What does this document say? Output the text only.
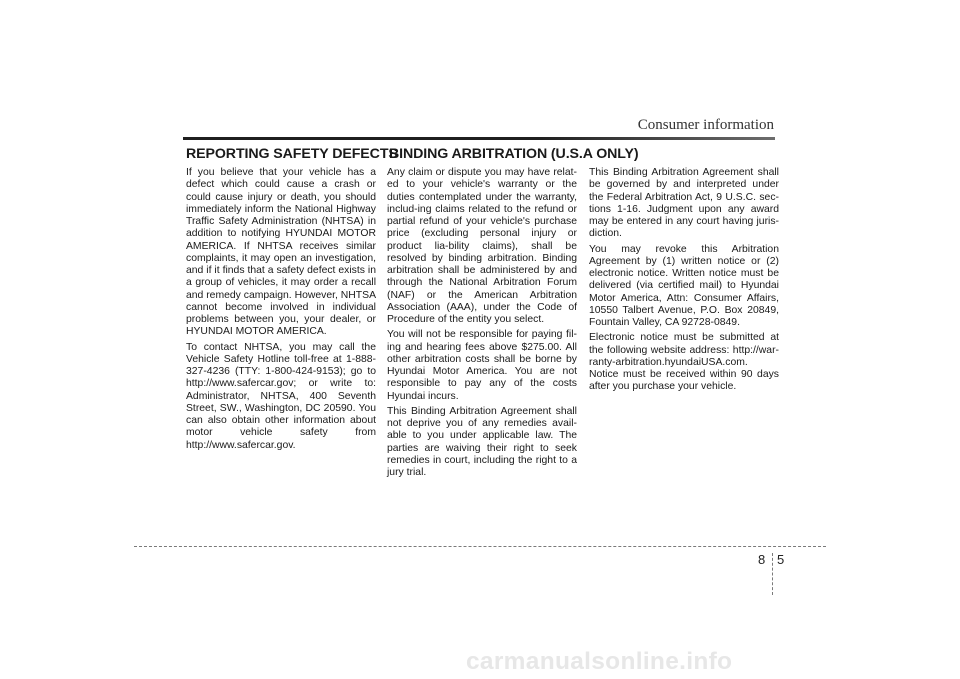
Consumer information
REPORTING SAFETY DEFECTS
BINDING ARBITRATION (U.S.A ONLY)

If you believe that your vehicle has a defect which could cause a crash or could cause injury or death, you should immediately inform the National Highway Traffic Safety Administration (NHTSA) in addition to notifying HYUNDAI MOTOR AMERICA. If NHTSA receives similar complaints, it may open an investigation, and if it finds that a safety defect exists in a group of vehicles, it may order a recall and remedy campaign. However, NHTSA cannot become involved in individual problems between you, your dealer, or HYUNDAI MOTOR AMERICA.

To contact NHTSA, you may call the Vehicle Safety Hotline toll-free at 1-888-327-4236 (TTY: 1-800-424-9153); go to http://www.safercar.gov; or write to: Administrator, NHTSA, 400 Seventh Street, SW., Washington, DC 20590. You can also obtain other information about motor vehicle safety from http://www.safercar.gov.

Any claim or dispute you may have relat-ed to your vehicle's warranty or the duties contemplated under the warranty, includ-ing claims related to the refund or partial refund of your vehicle's purchase price (excluding personal injury or product lia-bility claims), shall be resolved by binding arbitration. Binding arbitration shall be administered by and through the National Arbitration Forum (NAF) or the American Arbitration Association (AAA), under the Code of Procedure of the entity you select.

You will not be responsible for paying fil-ing and hearing fees above $275.00. All other arbitration costs shall be borne by Hyundai Motor America. You are not responsible to pay any of the costs Hyundai incurs.

This Binding Arbitration Agreement shall not deprive you of any remedies avail-able to you under applicable law. The parties are waiving their right to seek remedies in court, including the right to a jury trial.

This Binding Arbitration Agreement shall be governed by and interpreted under the Federal Arbitration Act, 9 U.S.C. sec-tions 1-16. Judgment upon any award may be entered in any court having juris-diction.

You may revoke this Arbitration Agreement by (1) written notice or (2) electronic notice. Written notice must be delivered (via certified mail) to Hyundai Motor America, Attn: Consumer Affairs, 10550 Talbert Avenue, P.O. Box 20849, Fountain Valley, CA 92728-0849.

Electronic notice must be submitted at the following website address: http://war-ranty-arbitration.hyundaiUSA.com. Notice must be received within 90 days after you purchase your vehicle.

8 5
carmanualsonline.info
